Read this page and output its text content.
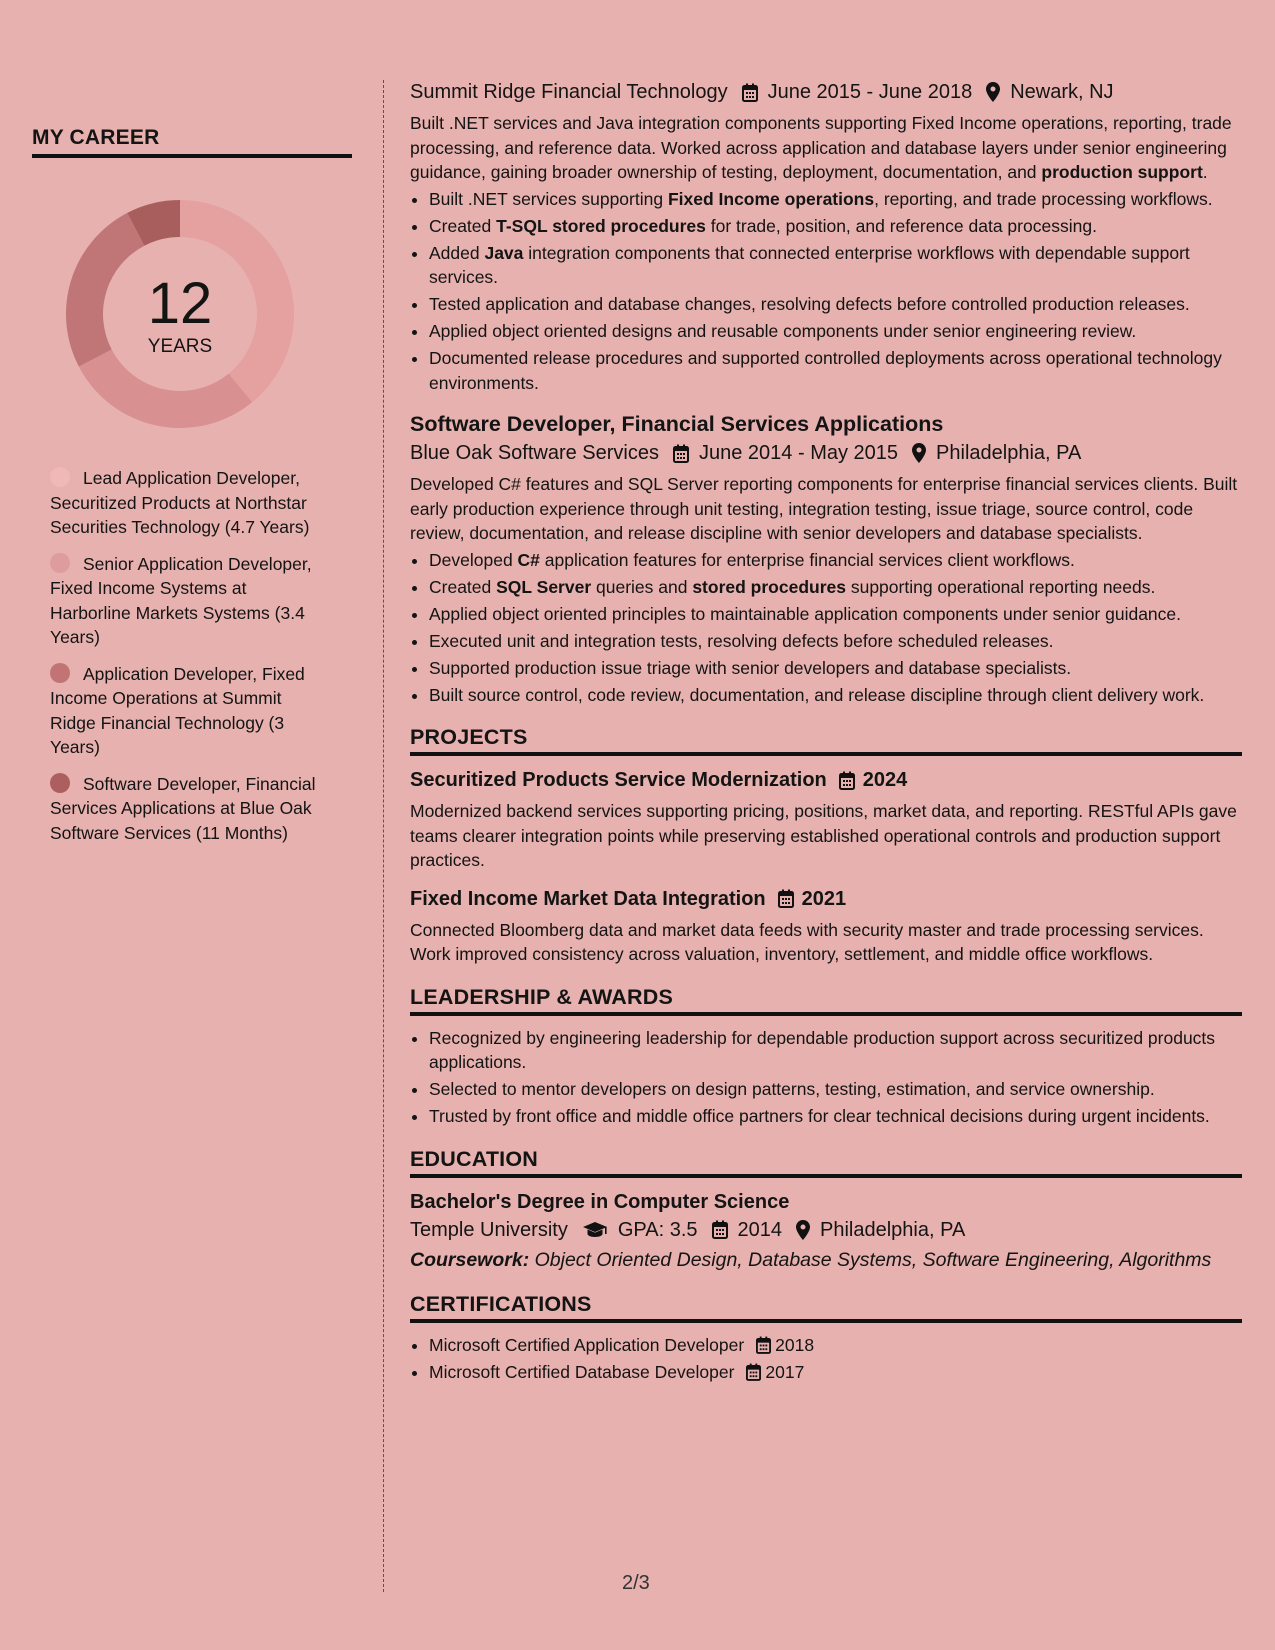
MY CAREER
12
YEARS
Lead Application Developer, Securitized Products at Northstar Securities Technology (4.7 Years)
Senior Application Developer, Fixed Income Systems at Harborline Markets Systems (3.4 Years)
Application Developer, Fixed Income Operations at Summit Ridge Financial Technology (3 Years)
Software Developer, Financial Services Applications at Blue Oak Software Services (11 Months)
Summit Ridge Financial Technology June 2015 - June 2018 Newark, NJ

Built .NET services and Java integration components supporting Fixed Income operations, reporting, trade processing, and reference data. Worked across application and database layers under senior engineering guidance, gaining broader ownership of testing, deployment, documentation, and production support.

• Built .NET services supporting Fixed Income operations, reporting, and trade processing workflows.
• Created T-SQL stored procedures for trade, position, and reference data processing.
• Added Java integration components that connected enterprise workflows with dependable support services.
• Tested application and database changes, resolving defects before controlled production releases.
• Applied object oriented designs and reusable components under senior engineering review.
• Documented release procedures and supported controlled deployments across operational technology environments.
Software Developer, Financial Services Applications
Blue Oak Software Services June 2014 - May 2015 Philadelphia, PA

Developed C# features and SQL Server reporting components for enterprise financial services clients. Built early production experience through unit testing, integration testing, issue triage, source control, code review, documentation, and release discipline with senior developers and database specialists.

• Developed C# application features for enterprise financial services client workflows.
• Created SQL Server queries and stored procedures supporting operational reporting needs.
• Applied object oriented principles to maintainable application components under senior guidance.
• Executed unit and integration tests, resolving defects before scheduled releases.
• Supported production issue triage with senior developers and database specialists.
• Built source control, code review, documentation, and release discipline through client delivery work.
PROJECTS
Securitized Products Service Modernization 2024

Modernized backend services supporting pricing, positions, market data, and reporting. RESTful APIs gave teams clearer integration points while preserving established operational controls and production support practices.

Fixed Income Market Data Integration 2021

Connected Bloomberg data and market data feeds with security master and trade processing services. Work improved consistency across valuation, inventory, settlement, and middle office workflows.

LEADERSHIP & AWARDS
• Recognized by engineering leadership for dependable production support across securitized products applications.
• Selected to mentor developers on design patterns, testing, estimation, and service ownership.
• Trusted by front office and middle office partners for clear technical decisions during urgent incidents.
EDUCATION
Bachelor's Degree in Computer Science
Temple University	GPA: 3.5 2014 Philadelphia, PA
Coursework: Object Oriented Design, Database Systems, Software Engineering, Algorithms
CERTIFICATIONS
• Microsoft Certified Application Developer 2018
• Microsoft Certified Database Developer 2017
2/3
